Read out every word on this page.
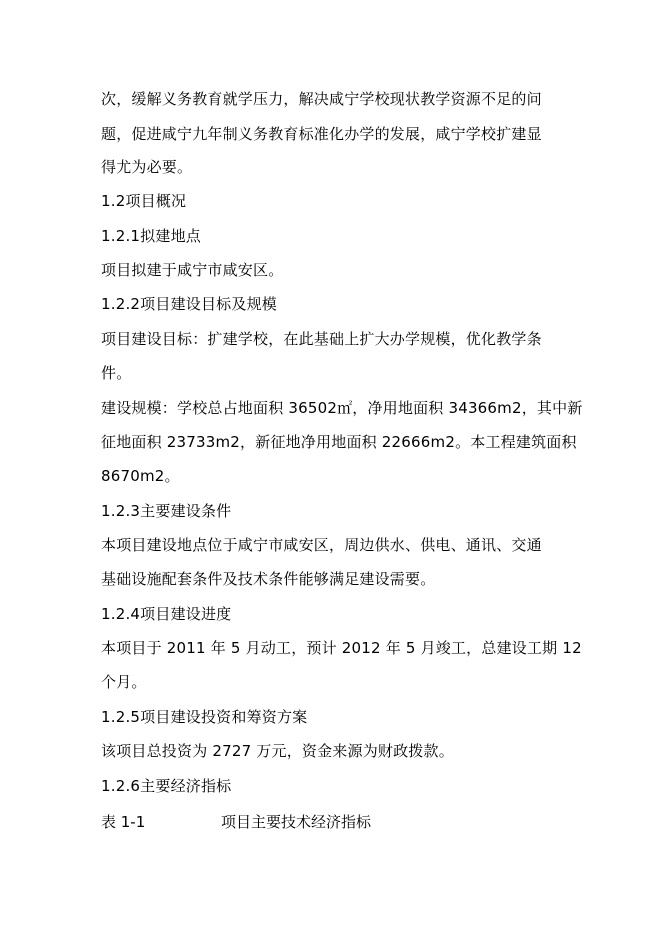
次，缓解义务教育就学压力，解决咸宁学校现状教学资源不足的问
题，促进咸宁九年制义务教育标准化办学的发展，咸宁学校扩建显
得尤为必要。
1.2项目概况
1.2.1拟建地点
项目拟建于咸宁市咸安区。
1.2.2项目建设目标及规模
项目建设目标：扩建学校，在此基础上扩大办学规模，优化教学条
件。
建设规模：学校总占地面积 36502㎡，净用地面积 34366m2，其中新
征地面积 23733m2，新征地净用地面积 22666m2。本工程建筑面积
8670m2。
1.2.3主要建设条件
本项目建设地点位于咸宁市咸安区，周边供水、供电、通讯、交通
基础设施配套条件及技术条件能够满足建设需要。
1.2.4项目建设进度
本项目于 2011 年 5 月动工，预计 2012 年 5 月竣工，总建设工期 12
个月。
1.2.5项目建设投资和筹资方案
该项目总投资为 2727 万元，资金来源为财政拨款。
1.2.6主要经济指标
表 1-1	项目主要技术经济指标
